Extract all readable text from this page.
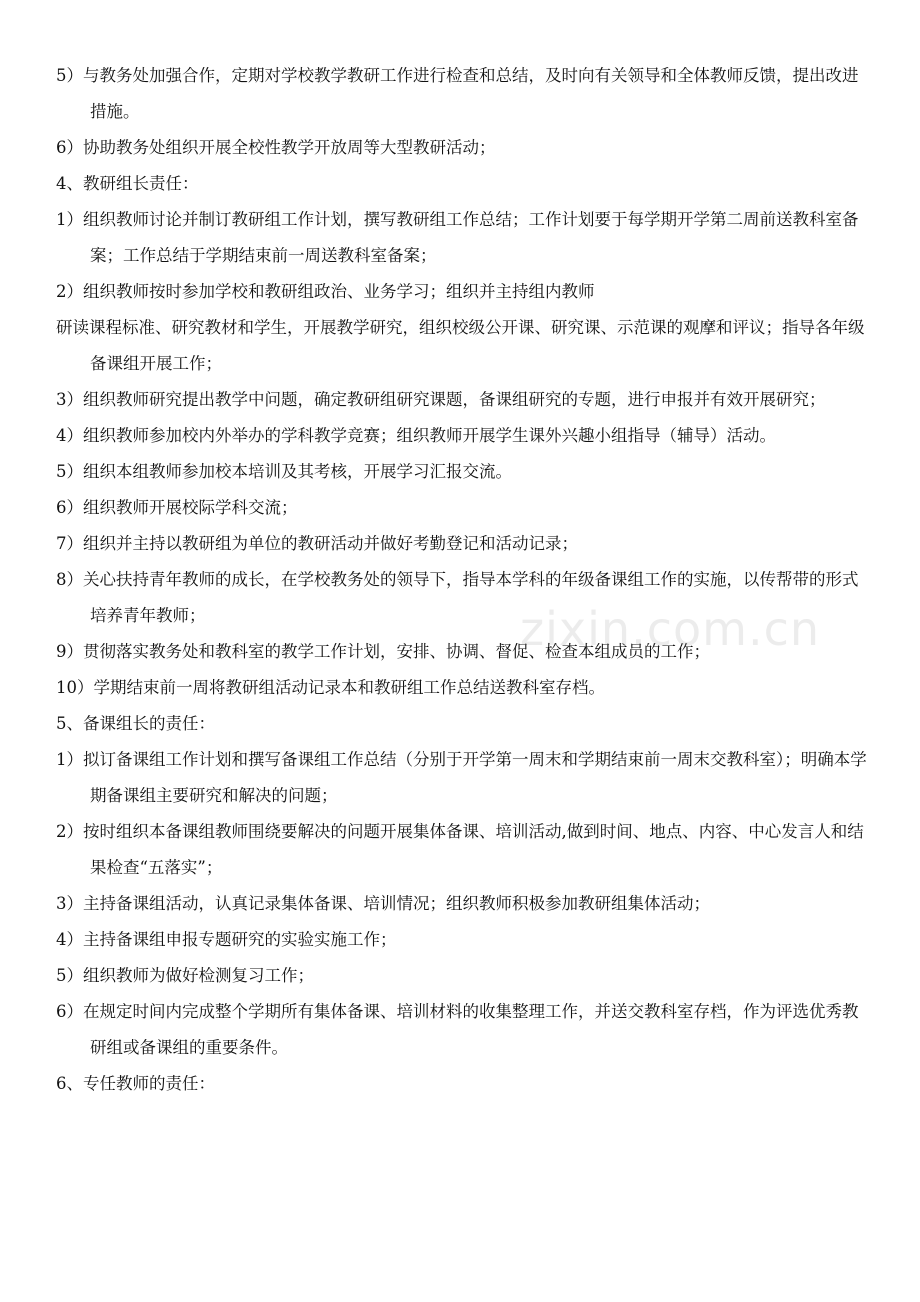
5）与教务处加强合作，定期对学校教学教研工作进行检查和总结，及时向有关领导和全体教师反馈，提出改进措施。
6）协助教务处组织开展全校性教学开放周等大型教研活动；
4、教研组长责任：
1）组织教师讨论并制订教研组工作计划，撰写教研组工作总结；工作计划要于每学期开学第二周前送教科室备案；工作总结于学期结束前一周送教科室备案；
2）组织教师按时参加学校和教研组政治、业务学习；组织并主持组内教师
研读课程标准、研究教材和学生，开展教学研究，组织校级公开课、研究课、示范课的观摩和评议；指导各年级备课组开展工作；
3）组织教师研究提出教学中问题，确定教研组研究课题，备课组研究的专题，进行申报并有效开展研究；
4）组织教师参加校内外举办的学科教学竞赛；组织教师开展学生课外兴趣小组指导（辅导）活动。
5）组织本组教师参加校本培训及其考核，开展学习汇报交流。
6）组织教师开展校际学科交流；
7）组织并主持以教研组为单位的教研活动并做好考勤登记和活动记录；
8）关心扶持青年教师的成长，在学校教务处的领导下，指导本学科的年级备课组工作的实施，以传帮带的形式培养青年教师；
9）贯彻落实教务处和教科室的教学工作计划，安排、协调、督促、检查本组成员的工作；
10）学期结束前一周将教研组活动记录本和教研组工作总结送教科室存档。
5、备课组长的责任：
1）拟订备课组工作计划和撰写备课组工作总结（分别于开学第一周末和学期结束前一周末交教科室）；明确本学期备课组主要研究和解决的问题；
2）按时组织本备课组教师围绕要解决的问题开展集体备课、培训活动,做到时间、地点、内容、中心发言人和结果检查“五落实”；
3）主持备课组活动，认真记录集体备课、培训情况；组织教师积极参加教研组集体活动；
4）主持备课组申报专题研究的实验实施工作；
5）组织教师为做好检测复习工作；
6）在规定时间内完成整个学期所有集体备课、培训材料的收集整理工作，并送交教科室存档，作为评选优秀教研组或备课组的重要条件。
6、专任教师的责任：
zixin.com.cn
